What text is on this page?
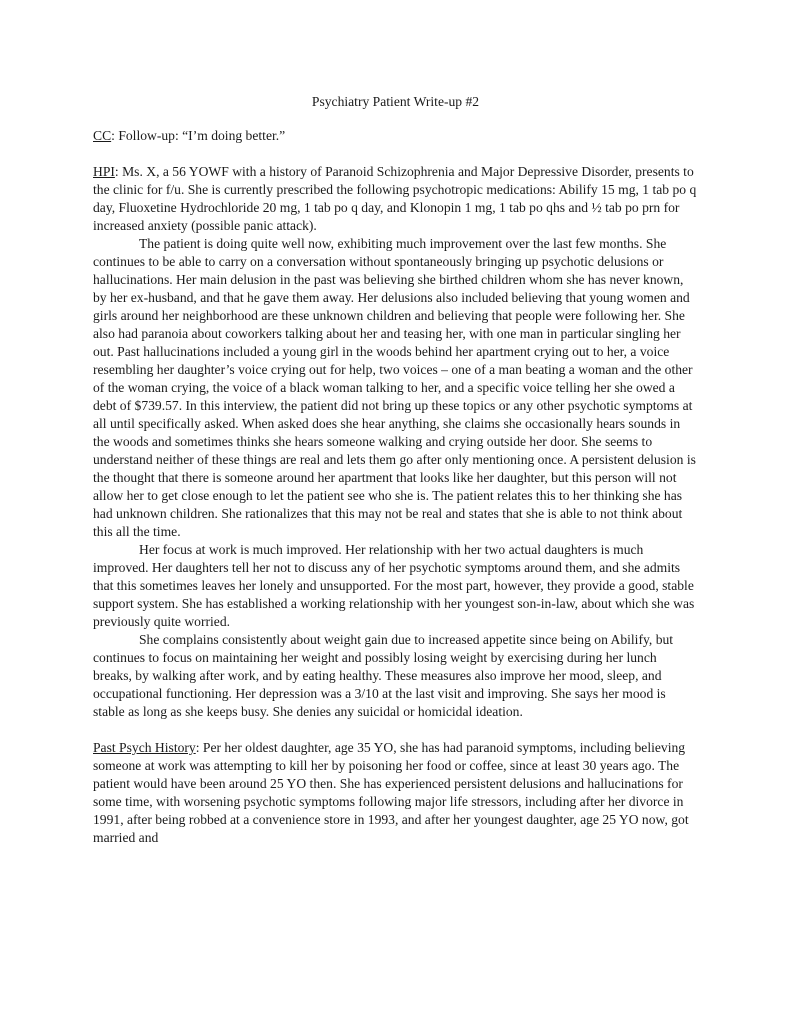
Psychiatry Patient Write-up #2

CC: Follow-up: “I’m doing better.”

HPI: Ms. X, a 56 YOWF with a history of Paranoid Schizophrenia and Major Depressive Disorder, presents to the clinic for f/u. She is currently prescribed the following psychotropic medications: Abilify 15 mg, 1 tab po q day, Fluoxetine Hydrochloride 20 mg, 1 tab po q day, and Klonopin 1 mg, 1 tab po qhs and ½ tab po prn for increased anxiety (possible panic attack).

The patient is doing quite well now, exhibiting much improvement over the last few months. She continues to be able to carry on a conversation without spontaneously bringing up psychotic delusions or hallucinations. Her main delusion in the past was believing she birthed children whom she has never known, by her ex-husband, and that he gave them away. Her delusions also included believing that young women and girls around her neighborhood are these unknown children and believing that people were following her. She also had paranoia about coworkers talking about her and teasing her, with one man in particular singling her out. Past hallucinations included a young girl in the woods behind her apartment crying out to her, a voice resembling her daughter’s voice crying out for help, two voices – one of a man beating a woman and the other of the woman crying, the voice of a black woman talking to her, and a specific voice telling her she owed a debt of $739.57. In this interview, the patient did not bring up these topics or any other psychotic symptoms at all until specifically asked. When asked does she hear anything, she claims she occasionally hears sounds in the woods and sometimes thinks she hears someone walking and crying outside her door. She seems to understand neither of these things are real and lets them go after only mentioning once. A persistent delusion is the thought that there is someone around her apartment that looks like her daughter, but this person will not allow her to get close enough to let the patient see who she is. The patient relates this to her thinking she has had unknown children. She rationalizes that this may not be real and states that she is able to not think about this all the time.

Her focus at work is much improved. Her relationship with her two actual daughters is much improved. Her daughters tell her not to discuss any of her psychotic symptoms around them, and she admits that this sometimes leaves her lonely and unsupported. For the most part, however, they provide a good, stable support system. She has established a working relationship with her youngest son-in-law, about which she was previously quite worried.

She complains consistently about weight gain due to increased appetite since being on Abilify, but continues to focus on maintaining her weight and possibly losing weight by exercising during her lunch breaks, by walking after work, and by eating healthy. These measures also improve her mood, sleep, and occupational functioning. Her depression was a 3/10 at the last visit and improving. She says her mood is stable as long as she keeps busy. She denies any suicidal or homicidal ideation.

Past Psych History: Per her oldest daughter, age 35 YO, she has had paranoid symptoms, including believing someone at work was attempting to kill her by poisoning her food or coffee, since at least 30 years ago. The patient would have been around 25 YO then. She has experienced persistent delusions and hallucinations for some time, with worsening psychotic symptoms following major life stressors, including after her divorce in 1991, after being robbed at a convenience store in 1993, and after her youngest daughter, age 25 YO now, got married and
